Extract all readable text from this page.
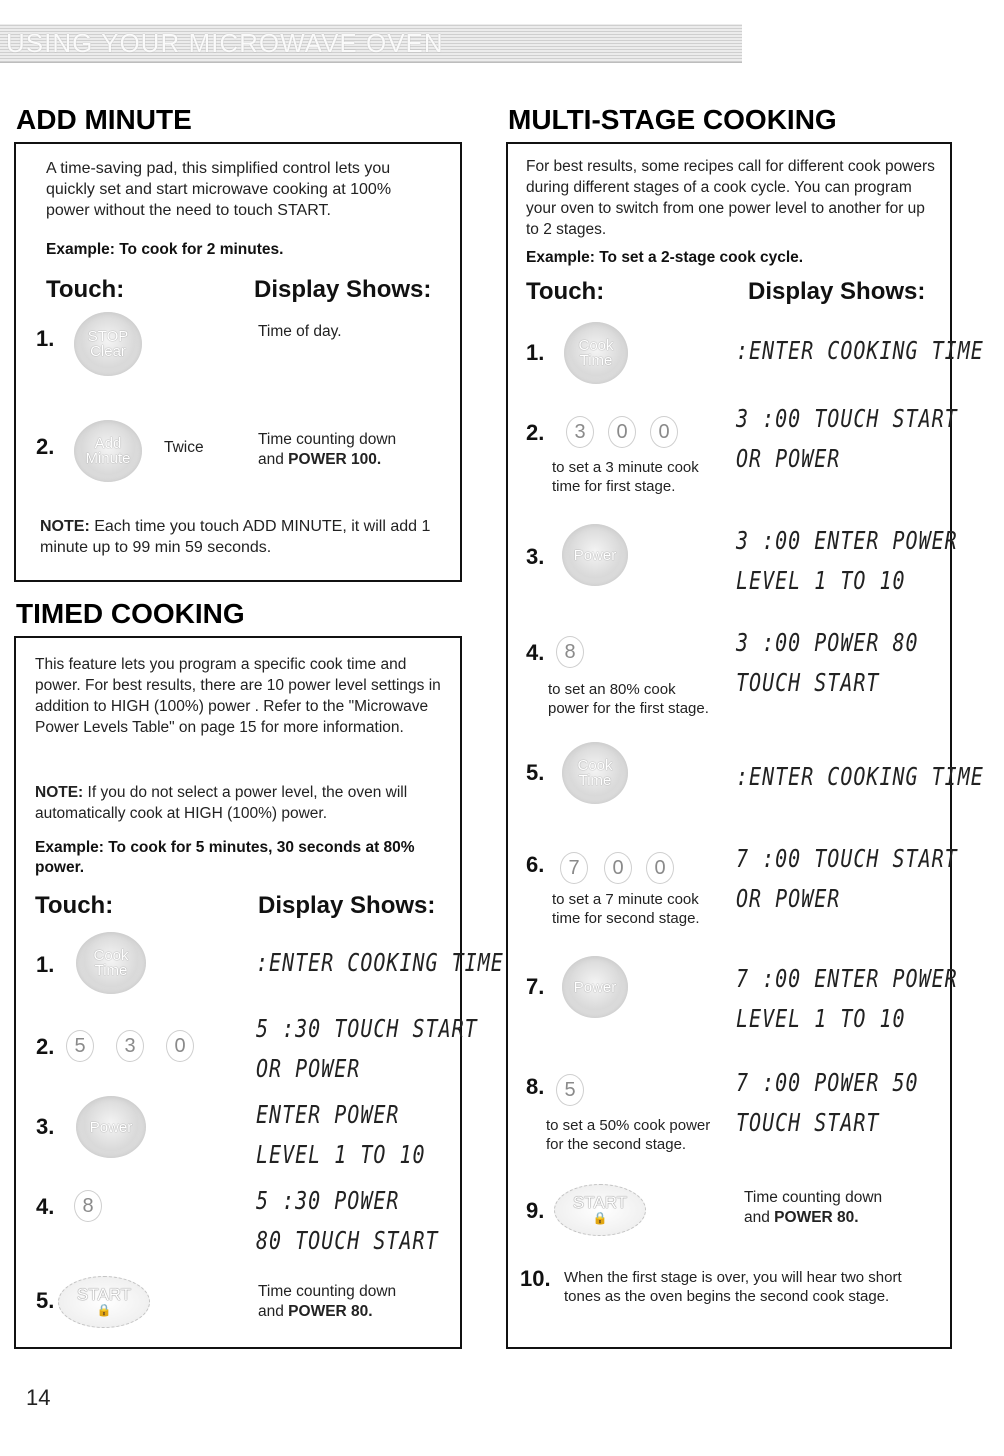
USING YOUR MICROWAVE OVEN
ADD MINUTE
A time-saving pad, this simplified control lets you quickly set and start microwave cooking at 100% power without the need to touch START.
Example: To cook for 2 minutes.
Touch:	Display Shows:
1. STOP
Clear
Time of day.
2.	Add
Minute
Twice	Time counting down
and POWER 100.
NOTE: Each time you touch ADD MINUTE, it will add 1 minute up to 99 min 59 seconds.
TIMED COOKING
This feature lets you program a specific cook time and power. For best results, there are 10 power level settings in addition to HIGH (100%) power . Refer to the "Microwave Power Levels Table" on page 15 for more information.
NOTE: If you do not select a power level, the oven will automatically cook at HIGH (100%) power.
Example: To cook for 5 minutes, 30 seconds at 80% power.
Touch:	Display Shows:
1.	Cook
Time	:ENTER COOKING TIME
2.	5	3	0
5 :30 TOUCH START
OR POWER
3. Power	ENTER POWER
LEVEL 1 TO 10
4.	8	5 :30 POWER
80 TOUCH START
5.	START
🔒
Time counting down
and POWER 80.
MULTI-STAGE COOKING
For best results, some recipes call for different cook powers during different stages of a cook cycle. You can program your oven to switch from one power level to another for up to 2 stages.
Example: To set a 2-stage cook cycle.
Touch:	Display Shows:
1. Cook
Time	:ENTER COOKING TIME
2.	3	0	0
to set a 3 minute cook
time for first stage.
3 :00 TOUCH START
OR POWER
3. Power	3 :00 ENTER POWER
LEVEL 1 TO 10
4.	8
to set an 80% cook
power for the first stage.
3 :00 POWER 80
TOUCH START
5. Cook
Time	:ENTER COOKING TIME
6.	7	0	0
to set a 7 minute cook
time for second stage.
7 :00 TOUCH START
OR POWER
7. Power	7 :00 ENTER POWER
LEVEL 1 TO 10
8.	5
to set a 50% cook power
for the second stage.
7 :00 POWER 50
TOUCH START
9.	START
🔒
Time counting down
and POWER 80.
10. When the first stage is over, you will hear two short tones as the oven begins the second cook stage.
14
